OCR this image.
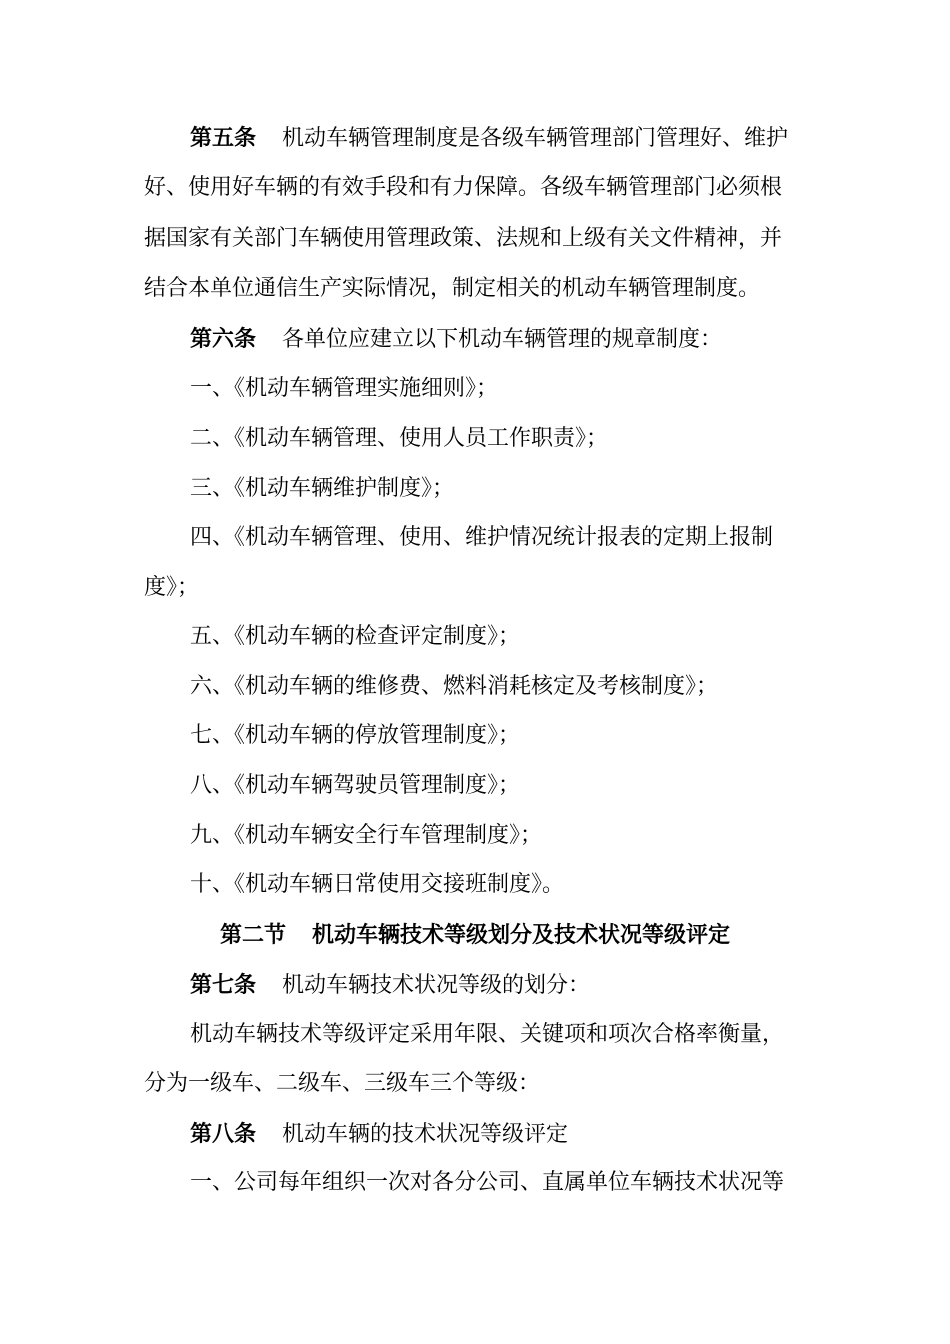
第五条 机动车辆管理制度是各级车辆管理部门管理好、维护
好、使用好车辆的有效手段和有力保障。各级车辆管理部门必须根
据国家有关部门车辆使用管理政策、法规和上级有关文件精神，并
结合本单位通信生产实际情况，制定相关的机动车辆管理制度。
第六条 各单位应建立以下机动车辆管理的规章制度：
一、《机动车辆管理实施细则》；
二、《机动车辆管理、使用人员工作职责》；
三、《机动车辆维护制度》；
四、《机动车辆管理、使用、维护情况统计报表的定期上报制
度》；
五、《机动车辆的检查评定制度》；
六、《机动车辆的维修费、燃料消耗核定及考核制度》；
七、《机动车辆的停放管理制度》；
八、《机动车辆驾驶员管理制度》；
九、《机动车辆安全行车管理制度》；
十、《机动车辆日常使用交接班制度》。
第二节 机动车辆技术等级划分及技术状况等级评定
第七条 机动车辆技术状况等级的划分：
机动车辆技术等级评定采用年限、关键项和项次合格率衡量，
分为一级车、二级车、三级车三个等级：
第八条 机动车辆的技术状况等级评定
一、公司每年组织一次对各分公司、直属单位车辆技术状况等
